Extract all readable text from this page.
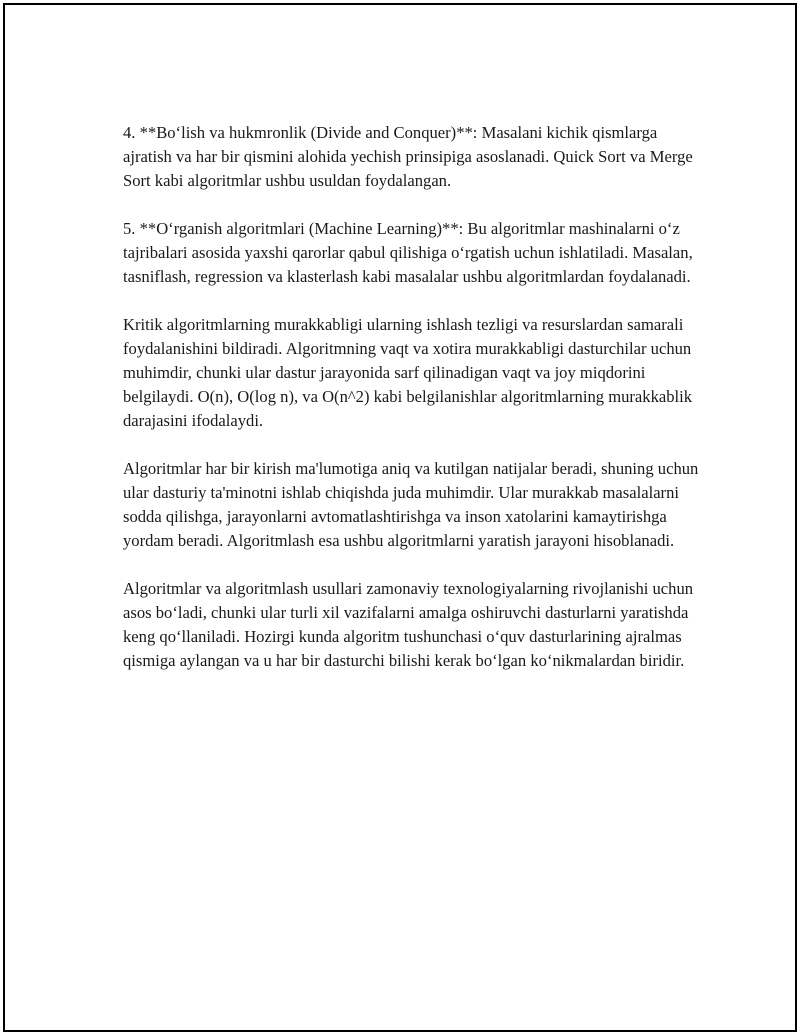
4. **Bo‘lish va hukmronlik (Divide and Conquer)**: Masalani kichik qismlarga ajratish va har bir qismini alohida yechish prinsipiga asoslanadi. Quick Sort va Merge Sort kabi algoritmlar ushbu usuldan foydalangan.

5. **O‘rganish algoritmlari (Machine Learning)**: Bu algoritmlar mashinalarni o‘z tajribalari asosida yaxshi qarorlar qabul qilishiga o‘rgatish uchun ishlatiladi. Masalan, tasniflash, regression va klasterlash kabi masalalar ushbu algoritmlardan foydalanadi.

Kritik algoritmlarning murakkabligi ularning ishlash tezligi va resurslardan samarali foydalanishini bildiradi. Algoritmning vaqt va xotira murakkabligi dasturchilar uchun muhimdir, chunki ular dastur jarayonida sarf qilinadigan vaqt va joy miqdorini belgilaydi. O(n), O(log n), va O(n^2) kabi belgilanishlar algoritmlarning murakkablik darajasini ifodalaydi.

Algoritmlar har bir kirish ma'lumotiga aniq va kutilgan natijalar beradi, shuning uchun ular dasturiy ta'minotni ishlab chiqishda juda muhimdir. Ular murakkab masalalarni sodda qilishga, jarayonlarni avtomatlashtirishga va inson xatolarini kamaytirishga yordam beradi. Algoritmlash esa ushbu algoritmlarni yaratish jarayoni hisoblanadi.

Algoritmlar va algoritmlash usullari zamonaviy texnologiyalarning rivojlanishi uchun asos bo‘ladi, chunki ular turli xil vazifalarni amalga oshiruvchi dasturlarni yaratishda keng qo‘llaniladi. Hozirgi kunda algoritm tushunchasi o‘quv dasturlarining ajralmas qismiga aylangan va u har bir dasturchi bilishi kerak bo‘lgan ko‘nikmalardan biridir.
